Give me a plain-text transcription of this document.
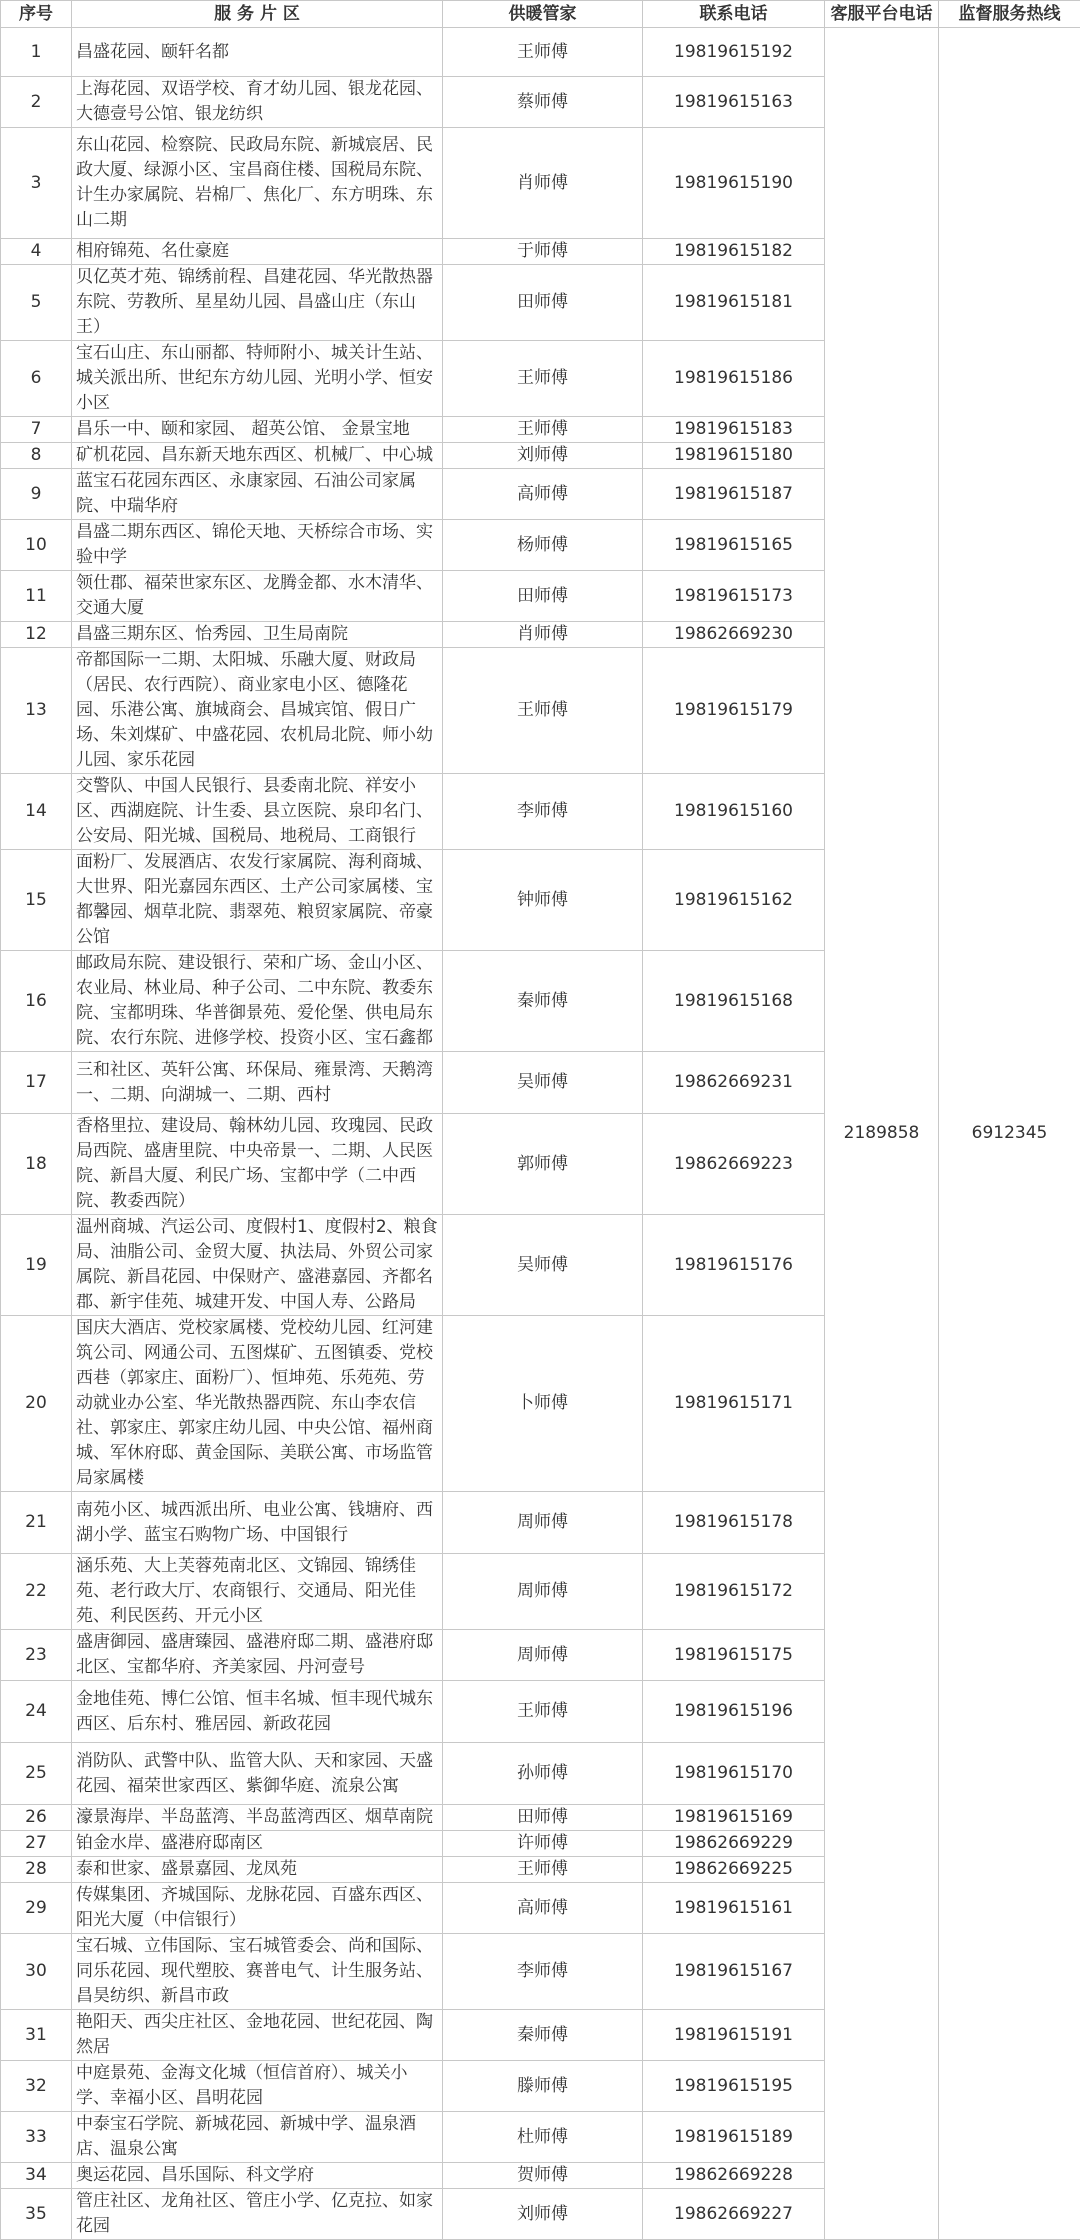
序号	服 务 片 区	供暖管家	联系电话	客服平台电话	监督服务热线
1	昌盛花园、颐轩名都	王师傅	19819615192	2189858	6912345
2	上海花园、双语学校、育才幼儿园、银龙花园、大德壹号公馆、银龙纺织	蔡师傅	19819615163		
3	东山花园、检察院、民政局东院、新城宸居、民政大厦、绿源小区、宝昌商住楼、国税局东院、计生办家属院、岩棉厂、焦化厂、东方明珠、东山二期	肖师傅	19819615190		
4	相府锦苑、名仕豪庭	于师傅	19819615182		
5	贝亿英才苑、锦绣前程、昌建花园、华光散热器东院、劳教所、星星幼儿园、昌盛山庄（东山王）	田师傅	19819615181		
6	宝石山庄、东山丽都、特师附小、城关计生站、城关派出所、世纪东方幼儿园、光明小学、恒安小区	王师傅	19819615186		
7	昌乐一中、颐和家园、 超英公馆、 金景宝地	王师傅	19819615183		
8	矿机花园、昌东新天地东西区、机械厂、中心城	刘师傅	19819615180		
9	蓝宝石花园东西区、永康家园、石油公司家属院、中瑞华府	高师傅	19819615187		
10	昌盛二期东西区、锦伦天地、天桥综合市场、实验中学	杨师傅	19819615165		
11	领仕郡、福荣世家东区、龙腾金都、水木清华、交通大厦	田师傅	19819615173		
12	昌盛三期东区、怡秀园、卫生局南院	肖师傅	19862669230		
13	帝都国际一二期、太阳城、乐融大厦、财政局（居民、农行西院）、商业家电小区、德隆花园、乐港公寓、旗城商会、昌城宾馆、假日广场、朱刘煤矿、中盛花园、农机局北院、师小幼儿园、家乐花园	王师傅	19819615179		
14	交警队、中国人民银行、县委南北院、祥安小区、西湖庭院、计生委、县立医院、泉印名门、公安局、阳光城、国税局、地税局、工商银行	李师傅	19819615160		
15	面粉厂、发展酒店、农发行家属院、海利商城、大世界、阳光嘉园东西区、土产公司家属楼、宝都馨园、烟草北院、翡翠苑、粮贸家属院、帝豪公馆	钟师傅	19819615162		
16	邮政局东院、建设银行、荣和广场、金山小区、农业局、林业局、种子公司、二中东院、教委东院、宝都明珠、华普御景苑、爱伦堡、供电局东院、农行东院、进修学校、投资小区、宝石鑫都	秦师傅	19819615168		
17	三和社区、英轩公寓、环保局、雍景湾、天鹅湾一、二期、向湖城一、二期、西村	吴师傅	19862669231		
18	香格里拉、建设局、翰林幼儿园、玫瑰园、民政局西院、盛唐里院、中央帝景一、二期、人民医院、新昌大厦、利民广场、宝都中学（二中西院、教委西院）	郭师傅	19862669223		
19	温州商城、汽运公司、度假村1、度假村2、粮食局、油脂公司、金贸大厦、执法局、外贸公司家属院、新昌花园、中保财产、盛港嘉园、齐都名郡、新宇佳苑、城建开发、中国人寿、公路局	吴师傅	19819615176		
20	国庆大酒店、党校家属楼、党校幼儿园、红河建筑公司、网通公司、五图煤矿、五图镇委、党校西巷（郭家庄、面粉厂）、恒坤苑、乐苑苑、劳动就业办公室、华光散热器西院、东山李农信社、郭家庄、郭家庄幼儿园、中央公馆、福州商城、军休府邸、黄金国际、美联公寓、市场监管局家属楼	卜师傅	19819615171		
21	南苑小区、城西派出所、电业公寓、钱塘府、西湖小学、蓝宝石购物广场、中国银行	周师傅	19819615178		
22	涵乐苑、大上芙蓉苑南北区、文锦园、锦绣佳苑、老行政大厅、农商银行、交通局、阳光佳苑、利民医药、开元小区	周师傅	19819615172		
23	盛唐御园、盛唐臻园、盛港府邸二期、盛港府邸北区、宝都华府、齐美家园、丹河壹号	周师傅	19819615175		
24	金地佳苑、博仁公馆、恒丰名城、恒丰现代城东西区、后东村、雅居园、新政花园	王师傅	19819615196		
25	消防队、武警中队、监管大队、天和家园、天盛花园、福荣世家西区、紫御华庭、流泉公寓	孙师傅	19819615170		
26	濠景海岸、半岛蓝湾、半岛蓝湾西区、烟草南院	田师傅	19819615169		
27	铂金水岸、盛港府邸南区	许师傅	19862669229		
28	泰和世家、盛景嘉园、龙凤苑	王师傅	19862669225		
29	传媒集团、齐城国际、龙脉花园、百盛东西区、阳光大厦（中信银行）	高师傅	19819615161		
30	宝石城、立伟国际、宝石城管委会、尚和国际、同乐花园、现代塑胶、赛普电气、计生服务站、昌昊纺织、新昌市政	李师傅	19819615167		
31	艳阳天、西尖庄社区、金地花园、世纪花园、陶然居	秦师傅	19819615191		
32	中庭景苑、金海文化城（恒信首府）、城关小学、幸福小区、昌明花园	滕师傅	19819615195		
33	中泰宝石学院、新城花园、新城中学、温泉酒店、温泉公寓	杜师傅	19819615189		
34	奥运花园、昌乐国际、科文学府	贺师傅	19862669228		
35	管庄社区、龙角社区、管庄小学、亿克拉、如家花园	刘师傅	19862669227		
